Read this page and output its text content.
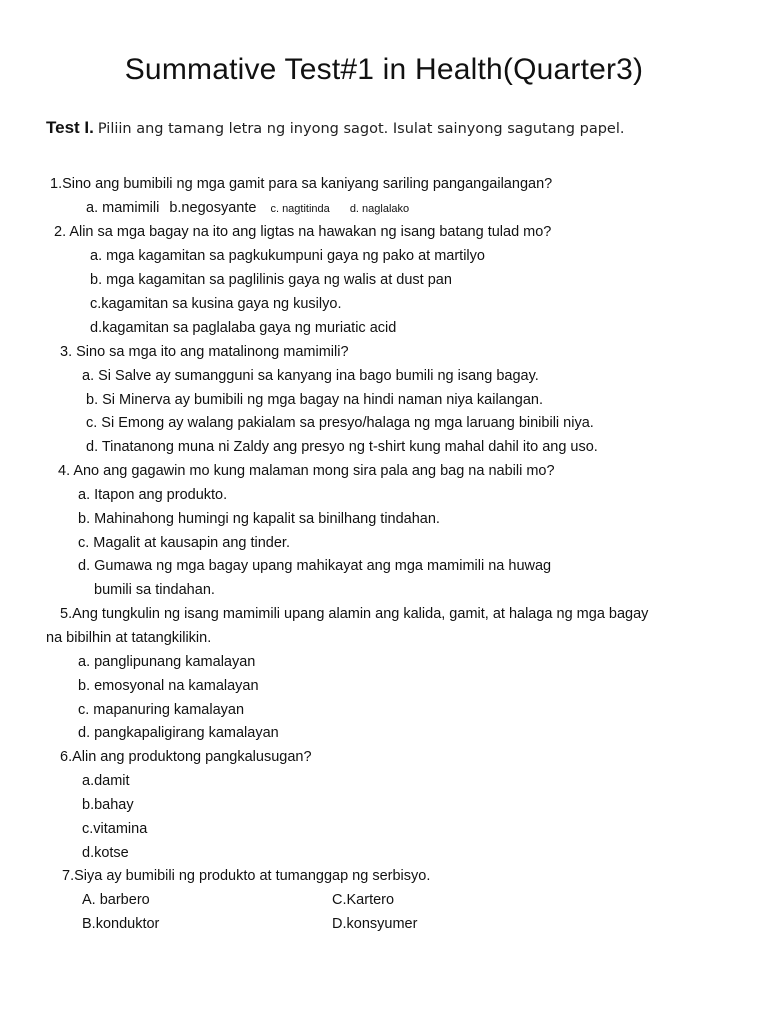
Summative Test#1 in Health(Quarter3)
Test I. Piliin ang tamang letra ng inyong sagot. Isulat sainyong sagutang papel.
1.Sino ang bumibili ng mga gamit para sa kaniyang sariling pangangailangan?
a. mamimili b.negosyante c. nagtitinda d. naglalako
2. Alin sa mga bagay na ito ang ligtas na hawakan ng isang batang tulad mo?
a. mga kagamitan sa pagkukumpuni gaya ng pako at martilyo
b. mga kagamitan sa paglilinis gaya ng walis at dust pan
c.kagamitan sa kusina gaya ng kusilyo.
d.kagamitan sa paglalaba gaya ng muriatic acid
3. Sino sa mga ito ang matalinong mamimili?
a. Si Salve ay sumangguni sa kanyang ina bago bumili ng isang bagay.
b. Si Minerva ay bumibili ng mga bagay na hindi naman niya kailangan.
c. Si Emong ay walang pakialam sa presyo/halaga ng mga laruang binibili niya.
d. Tinatanong muna ni Zaldy ang presyo ng t-shirt kung mahal dahil ito ang uso.
4. Ano ang gagawin mo kung malaman mong sira pala ang bag na nabili mo?
a. Itapon ang produkto.
b. Mahinahong humingi ng kapalit sa binilhang tindahan.
c. Magalit at kausapin ang tinder.
d. Gumawa ng mga bagay upang mahikayat ang mga mamimili na huwag
bumili sa tindahan.
5.Ang tungkulin ng isang mamimili upang alamin ang kalida, gamit, at halaga ng mga bagay
na bibilhin at tatangkilikin.
a. panglipunang kamalayan
b. emosyonal na kamalayan
c. mapanuring kamalayan
d. pangkapaligirang kamalayan
6.Alin ang produktong pangkalusugan?
a.damit
b.bahay
c.vitamina
d.kotse
7.Siya ay bumibili ng produkto at tumanggap ng serbisyo.
A. barbero	C.Kartero
B.konduktor	D.konsyumer
